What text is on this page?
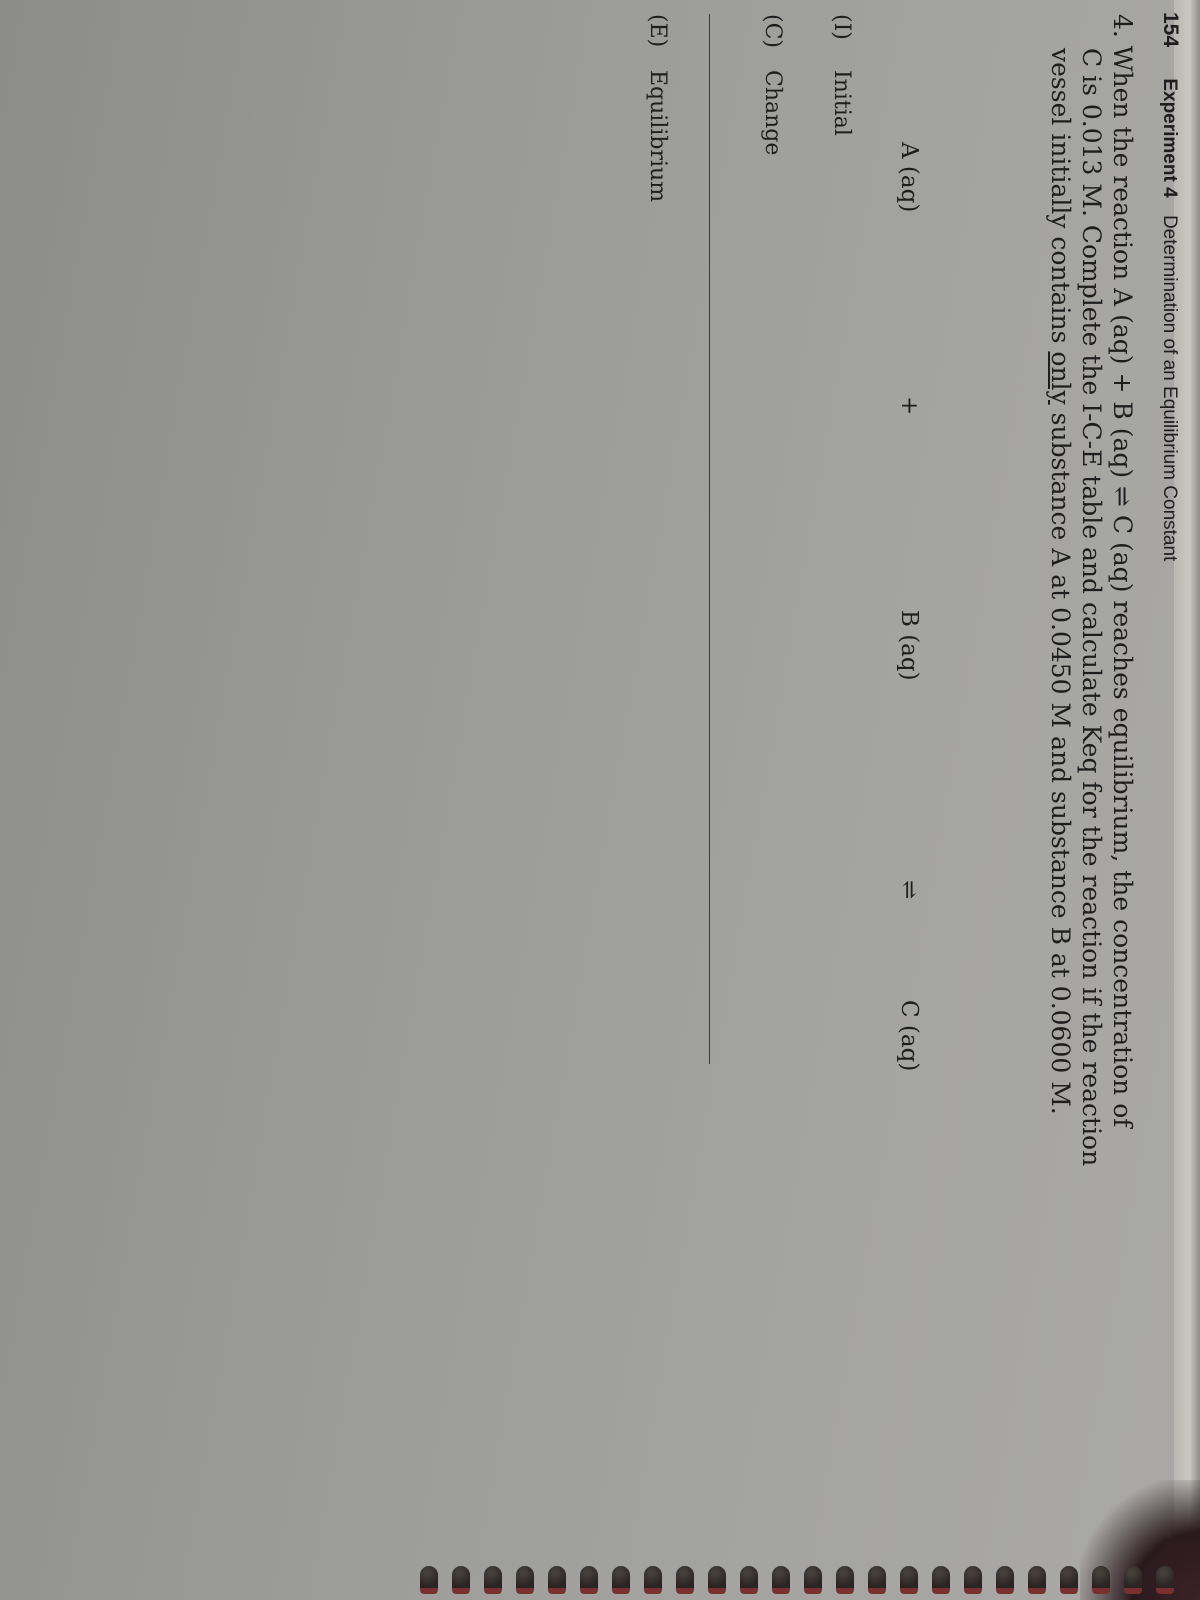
154 Experiment 4 Determination of an Equilibrium Constant

4. When the reaction A (aq) + B (aq) ⇌ C (aq) reaches equilibrium, the concentration of

C is 0.013 M. Complete the I-C-E table and calculate Keq for the reaction if the reaction

vessel initially contains only substance A at 0.0450 M and substance B at 0.0600 M.

A (aq)
+
B (aq)
⇌
C (aq)
(I)
Initial
(C)
Change
(E)
Equilibrium
